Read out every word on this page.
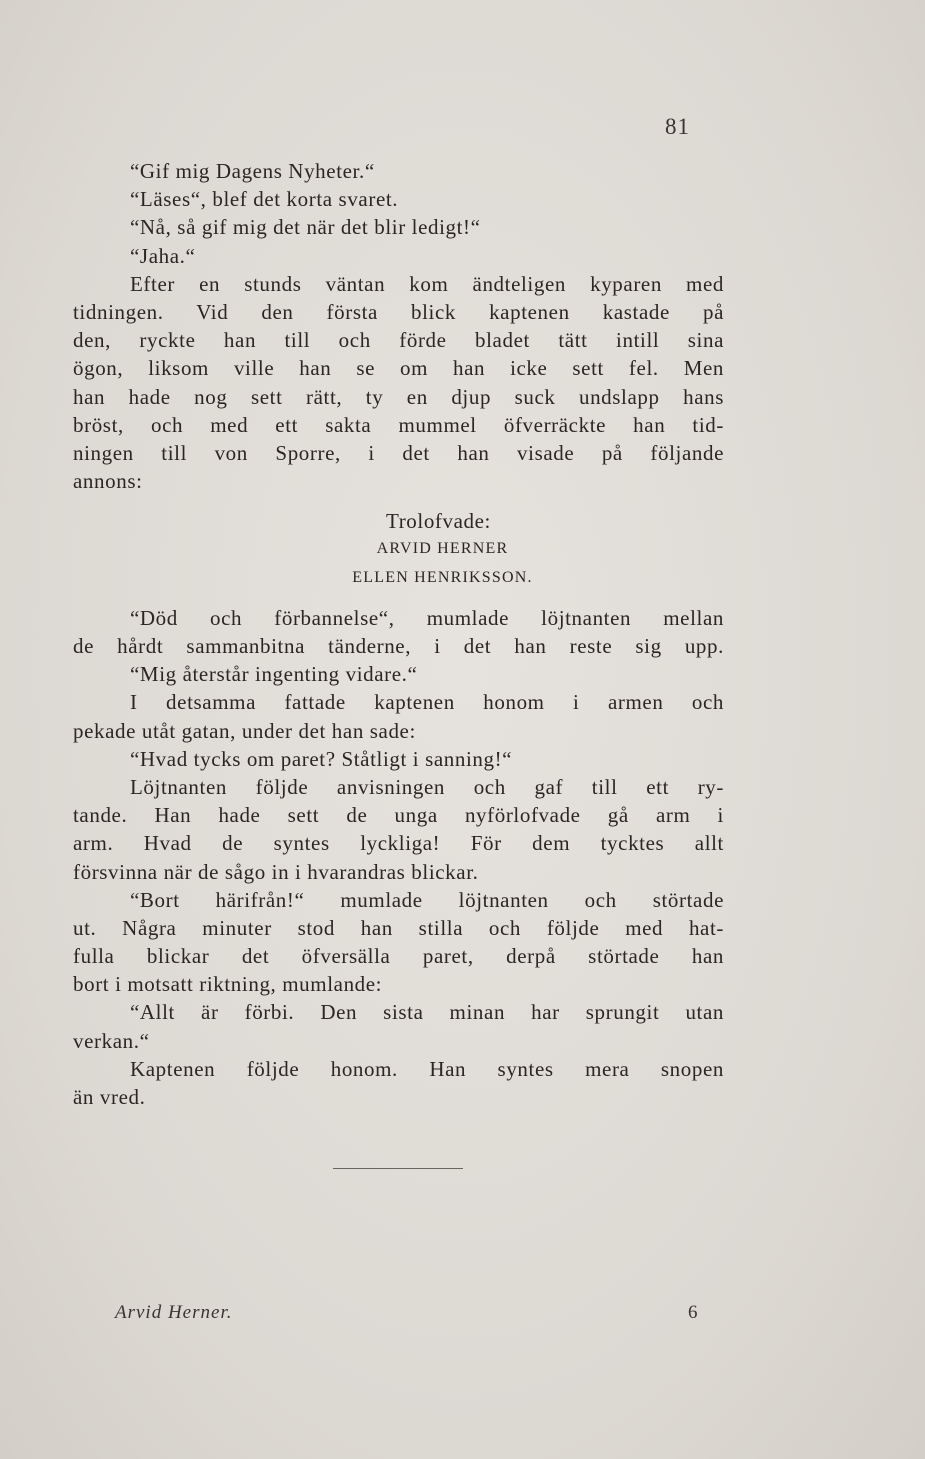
81
“Gif mig Dagens Nyheter.“
“Läses“, blef det korta svaret.
“Nå, så gif mig det när det blir ledigt!“
“Jaha.“
Efter en stunds väntan kom ändteligen kyparen med
tidningen. Vid den första blick kaptenen kastade på
den, ryckte han till och förde bladet tätt intill sina
ögon, liksom ville han se om han icke sett fel. Men
han hade nog sett rätt, ty en djup suck undslapp hans
bröst, och med ett sakta mummel öfverräckte han tid-
ningen till von Sporre, i det han visade på följande
annons:
Trolofvade:
ARVID HERNER
ELLEN HENRIKSSON.
“Död och förbannelse“, mumlade löjtnanten mellan
de hårdt sammanbitna tänderne, i det han reste sig upp.
“Mig återstår ingenting vidare.“
I detsamma fattade kaptenen honom i armen och
pekade utåt gatan, under det han sade:
“Hvad tycks om paret? Ståtligt i sanning!“
Löjtnanten följde anvisningen och gaf till ett ry-
tande. Han hade sett de unga nyförlofvade gå arm i
arm. Hvad de syntes lyckliga! För dem tycktes allt
försvinna när de sågo in i hvarandras blickar.
“Bort härifrån!“ mumlade löjtnanten och störtade
ut. Några minuter stod han stilla och följde med hat-
fulla blickar det öfversälla paret, derpå störtade han
bort i motsatt riktning, mumlande:
“Allt är förbi. Den sista minan har sprungit utan
verkan.“
Kaptenen följde honom. Han syntes mera snopen
än vred.
Arvid Herner.	6
